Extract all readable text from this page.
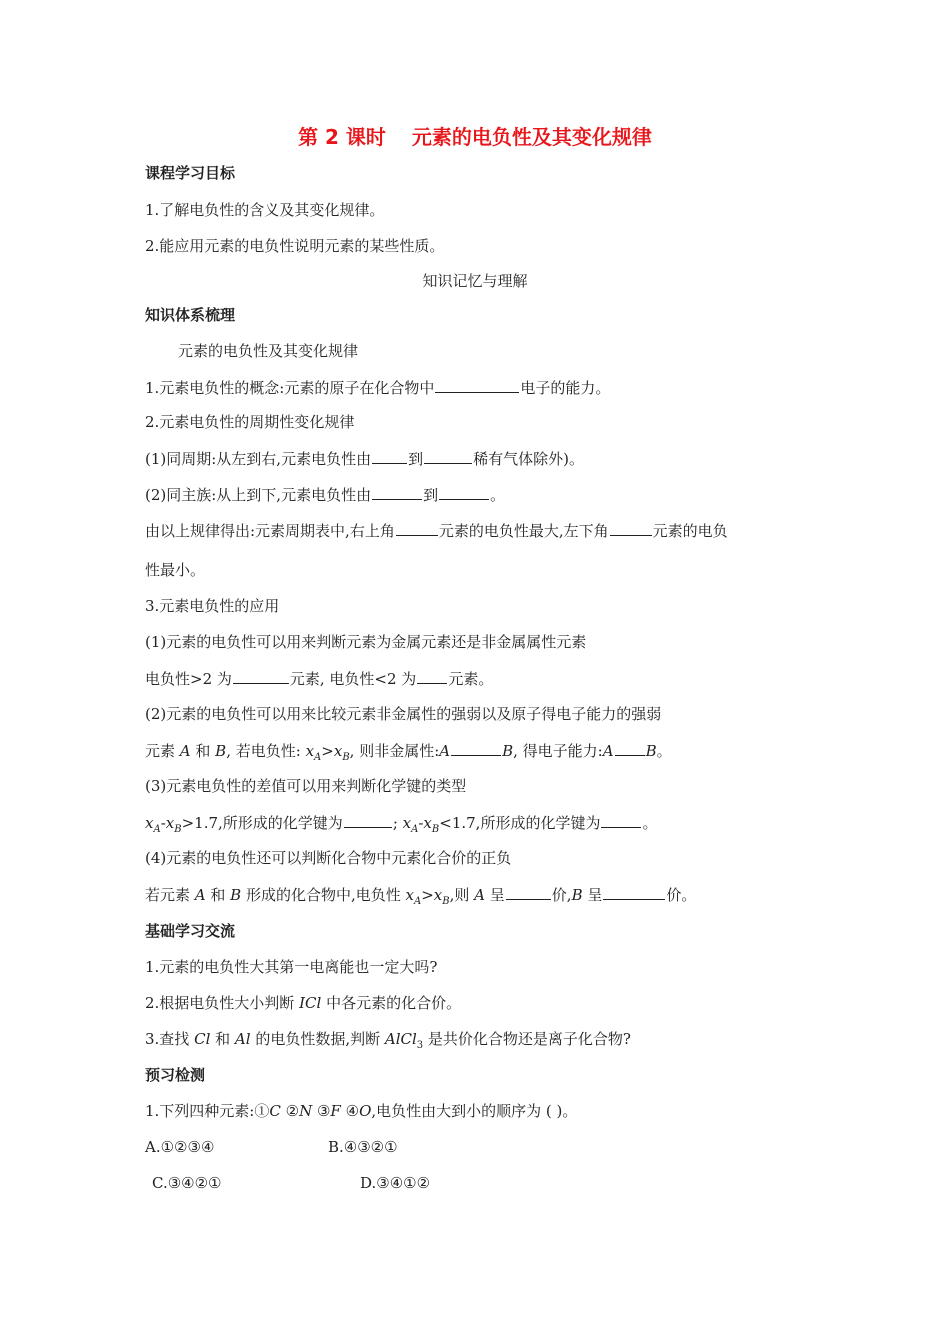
第 2 课时 元素的电负性及其变化规律
课程学习目标
1.了解电负性的含义及其变化规律。
2.能应用元素的电负性说明元素的某些性质。
知识记忆与理解
知识体系梳理
元素的电负性及其变化规律
1.元素电负性的概念:元素的原子在化合物中	电子的能力。
2.元素电负性的周期性变化规律
(1)同周期:从左到右,元素电负性由 到	稀有气体除外)。
(2)同主族:从上到下,元素电负性由	到	。
由以上规律得出:元素周期表中,右上角	元素的电负性最大,左下角	元素的电负
性最小。
3.元素电负性的应用
(1)元素的电负性可以用来判断元素为金属元素还是非金属属性元素
电负性>2 为	元素, 电负性<2 为 元素。
(2)元素的电负性可以用来比较元素非金属性的强弱以及原子得电子能力的强弱
元素 A 和 B, 若电负性: $x_A>x_B$, 则非金属性:A	B, 得电子能力:A B。
(3)元素电负性的差值可以用来判断化学键的类型
$x_A-x_B>1.7$,所形成的化学键为	; $x_A-x_B<1.7$,所形成的化学键为	。
(4)元素的电负性还可以判断化合物中元素化合价的正负
若元素 A 和 B 形成的化合物中,电负性 $x_A>x_B$,则 A 呈	价,B 呈	价。
基础学习交流
1.元素的电负性大其第一电离能也一定大吗?
2.根据电负性大小判断 ICl 中各元素的化合价。
3.查找 Cl 和 Al 的电负性数据,判断 AlCl$_3$ 是共价化合物还是离子化合物?
预习检测
1.下列四种元素:①C ②N ③F ④O,电负性由大到小的顺序为 ( )。
A.①②③④	B.④③②①
C.③④②①	D.③④①②
